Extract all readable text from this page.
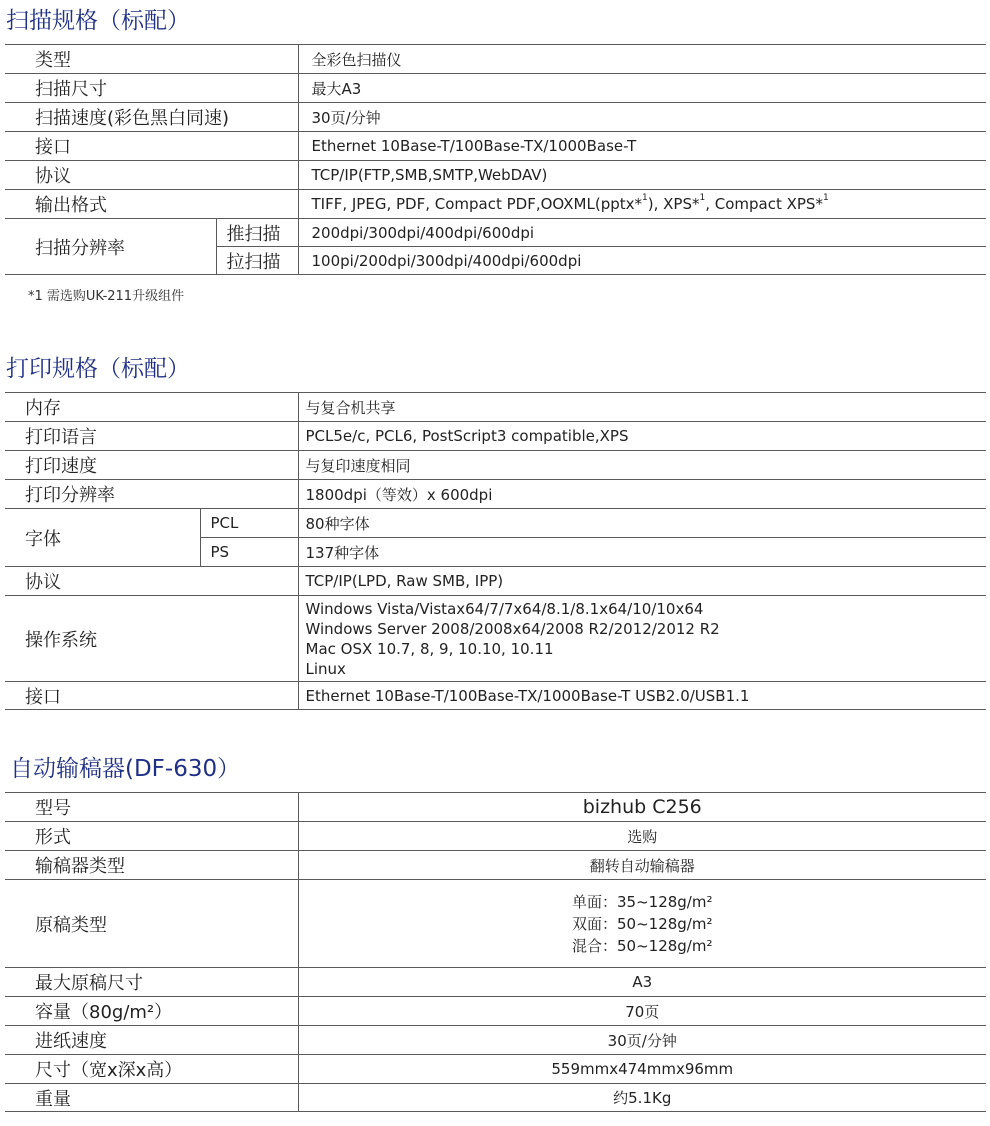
扫描规格（标配）
类型		全彩色扫描仪
扫描尺寸		最大A3
扫描速度(彩色黑白同速)		30页/分钟
接口		Ethernet 10Base-T/100Base-TX/1000Base-T
协议		TCP/IP(FTP,SMB,SMTP,WebDAV)
输出格式		TIFF, JPEG, PDF, Compact PDF,OOXML(pptx*$^1$), XPS*$^1$, Compact XPS*$^1$
扫描分辨率	推扫描	200dpi/300dpi/400dpi/600dpi
	拉扫描	100pi/200dpi/300dpi/400dpi/600dpi

*1 需选购UK-211升级组件

打印规格（标配）
内存		与复合机共享
打印语言		PCL5e/c, PCL6, PostScript3 compatible,XPS
打印速度		与复印速度相同
打印分辨率		1800dpi（等效）x 600dpi
字体	PCL	80种字体
	PS	137种字体
协议		TCP/IP(LPD, Raw SMB, IPP)
操作系统		Windows Vista/Vistax64/7/7x64/8.1/8.1x64/10/10x64
Windows Server 2008/2008x64/2008 R2/2012/2012 R2
Mac OSX 10.7, 8, 9, 10.10, 10.11
Linux

接口		Ethernet 10Base-T/100Base-TX/1000Base-T USB2.0/USB1.1
自动输稿器(DF-630）
型号	bizhub C256
形式	选购
输稿器类型	翻转自动输稿器
原稿类型	单面：35~128g/m²
双面：50~128g/m²
混合：50~128g/m²

最大原稿尺寸	A3
容量（80g/m²）	70页
进纸速度	30页/分钟
尺寸（宽x深x高）	559mmx474mmx96mm
重量	约5.1Kg
